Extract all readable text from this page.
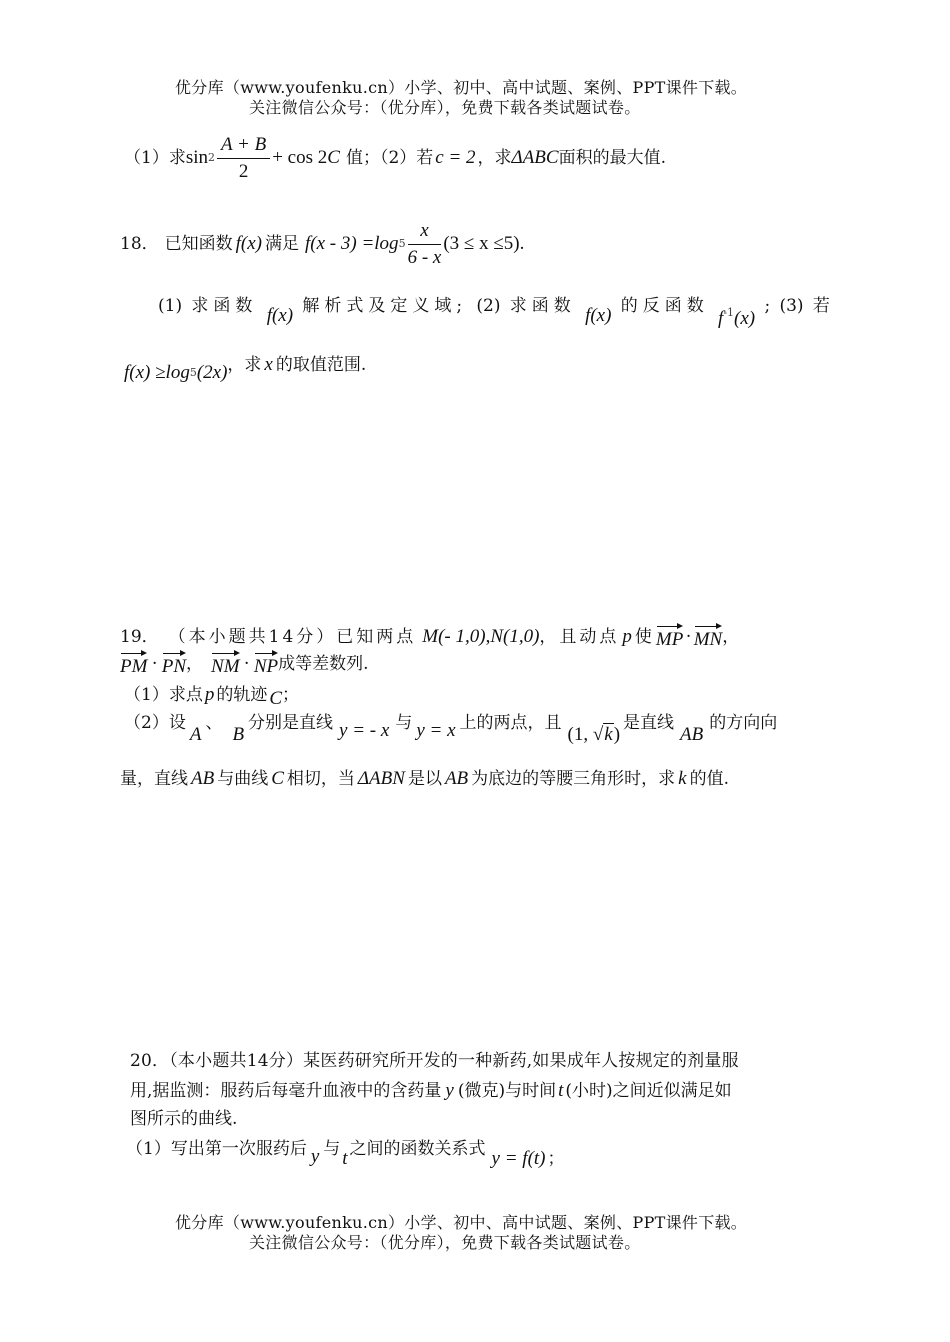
优分库（www.youfenku.cn）小学、初中、高中试题、案例、PPT课件下载。
关注微信公众号：（优分库），免费下载各类试题试卷。
（1）求 $\sin 2 \frac{A + B}{2} + \cos 2$ C 值；（2）若 c = 2 ，求 ΔABC 面积的最大值.
18． 已知函数 f(x) 满足 f(x - 3) =log $5 \frac{x}{6 - x} (3 \le x \le 5)$.
(1) 求函数 f(x) 解析式及定义域; (2) 求函数 f(x) 的反函数
$f^{-1}(x)$
; (3) 若
f(x) ≥log 5 (2x) ，求 x 的取值范围.
19． （本小题共14分）已知两点 M(- 1,0) , N(1,0) ，且动点 p 使 MP · MN ，
PM · PN ， NM · NP 成等差数列.
（1）求点 p 的轨迹 C ；
（2）设
A
、
B
分别是直线 y = - x 与 y = x 上的两点，且
(1, √k)
是直线
AB
的方向向
量，直线 AB 与曲线 C 相切，当 ΔABN 是以 AB 为底边的等腰三角形时，求 k 的值.
20．（本小题共14分）某医药研究所开发的一种新药,如果成年人按规定的剂量服
用,据监测：服药后每毫升血液中的含药量 y (微克)与时间 t (小时)之间近似满足如
图所示的曲线.
（1）写出第一次服药后 y 与 t 之间的函数关系式 y = f(t) ；
优分库（www.youfenku.cn）小学、初中、高中试题、案例、PPT课件下载。
关注微信公众号：（优分库），免费下载各类试题试卷。
